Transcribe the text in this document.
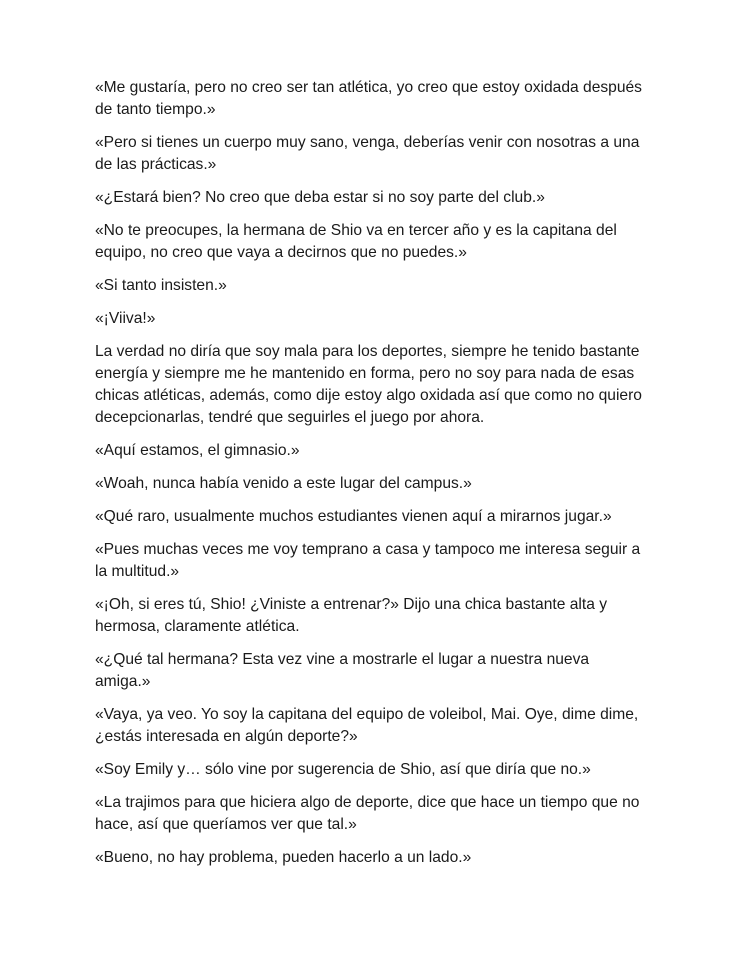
«Me gustaría, pero no creo ser tan atlética, yo creo que estoy oxidada después de tanto tiempo.»

«Pero si tienes un cuerpo muy sano, venga, deberías venir con nosotras a una de las prácticas.»

«¿Estará bien? No creo que deba estar si no soy parte del club.»

«No te preocupes, la hermana de Shio va en tercer año y es la capitana del equipo, no creo que vaya a decirnos que no puedes.»

«Si tanto insisten.»

«¡Viiva!»

La verdad no diría que soy mala para los deportes, siempre he tenido bastante energía y siempre me he mantenido en forma, pero no soy para nada de esas chicas atléticas, además, como dije estoy algo oxidada así que como no quiero decepcionarlas, tendré que seguirles el juego por ahora.

«Aquí estamos, el gimnasio.»

«Woah, nunca había venido a este lugar del campus.»

«Qué raro, usualmente muchos estudiantes vienen aquí a mirarnos jugar.»

«Pues muchas veces me voy temprano a casa y tampoco me interesa seguir a la multitud.»

«¡Oh, si eres tú, Shio! ¿Viniste a entrenar?» Dijo una chica bastante alta y hermosa, claramente atlética.

«¿Qué tal hermana? Esta vez vine a mostrarle el lugar a nuestra nueva amiga.»

«Vaya, ya veo. Yo soy la capitana del equipo de voleibol, Mai. Oye, dime dime, ¿estás interesada en algún deporte?»

«Soy Emily y… sólo vine por sugerencia de Shio, así que diría que no.»

«La trajimos para que hiciera algo de deporte, dice que hace un tiempo que no hace, así que queríamos ver que tal.»

«Bueno, no hay problema, pueden hacerlo a un lado.»
